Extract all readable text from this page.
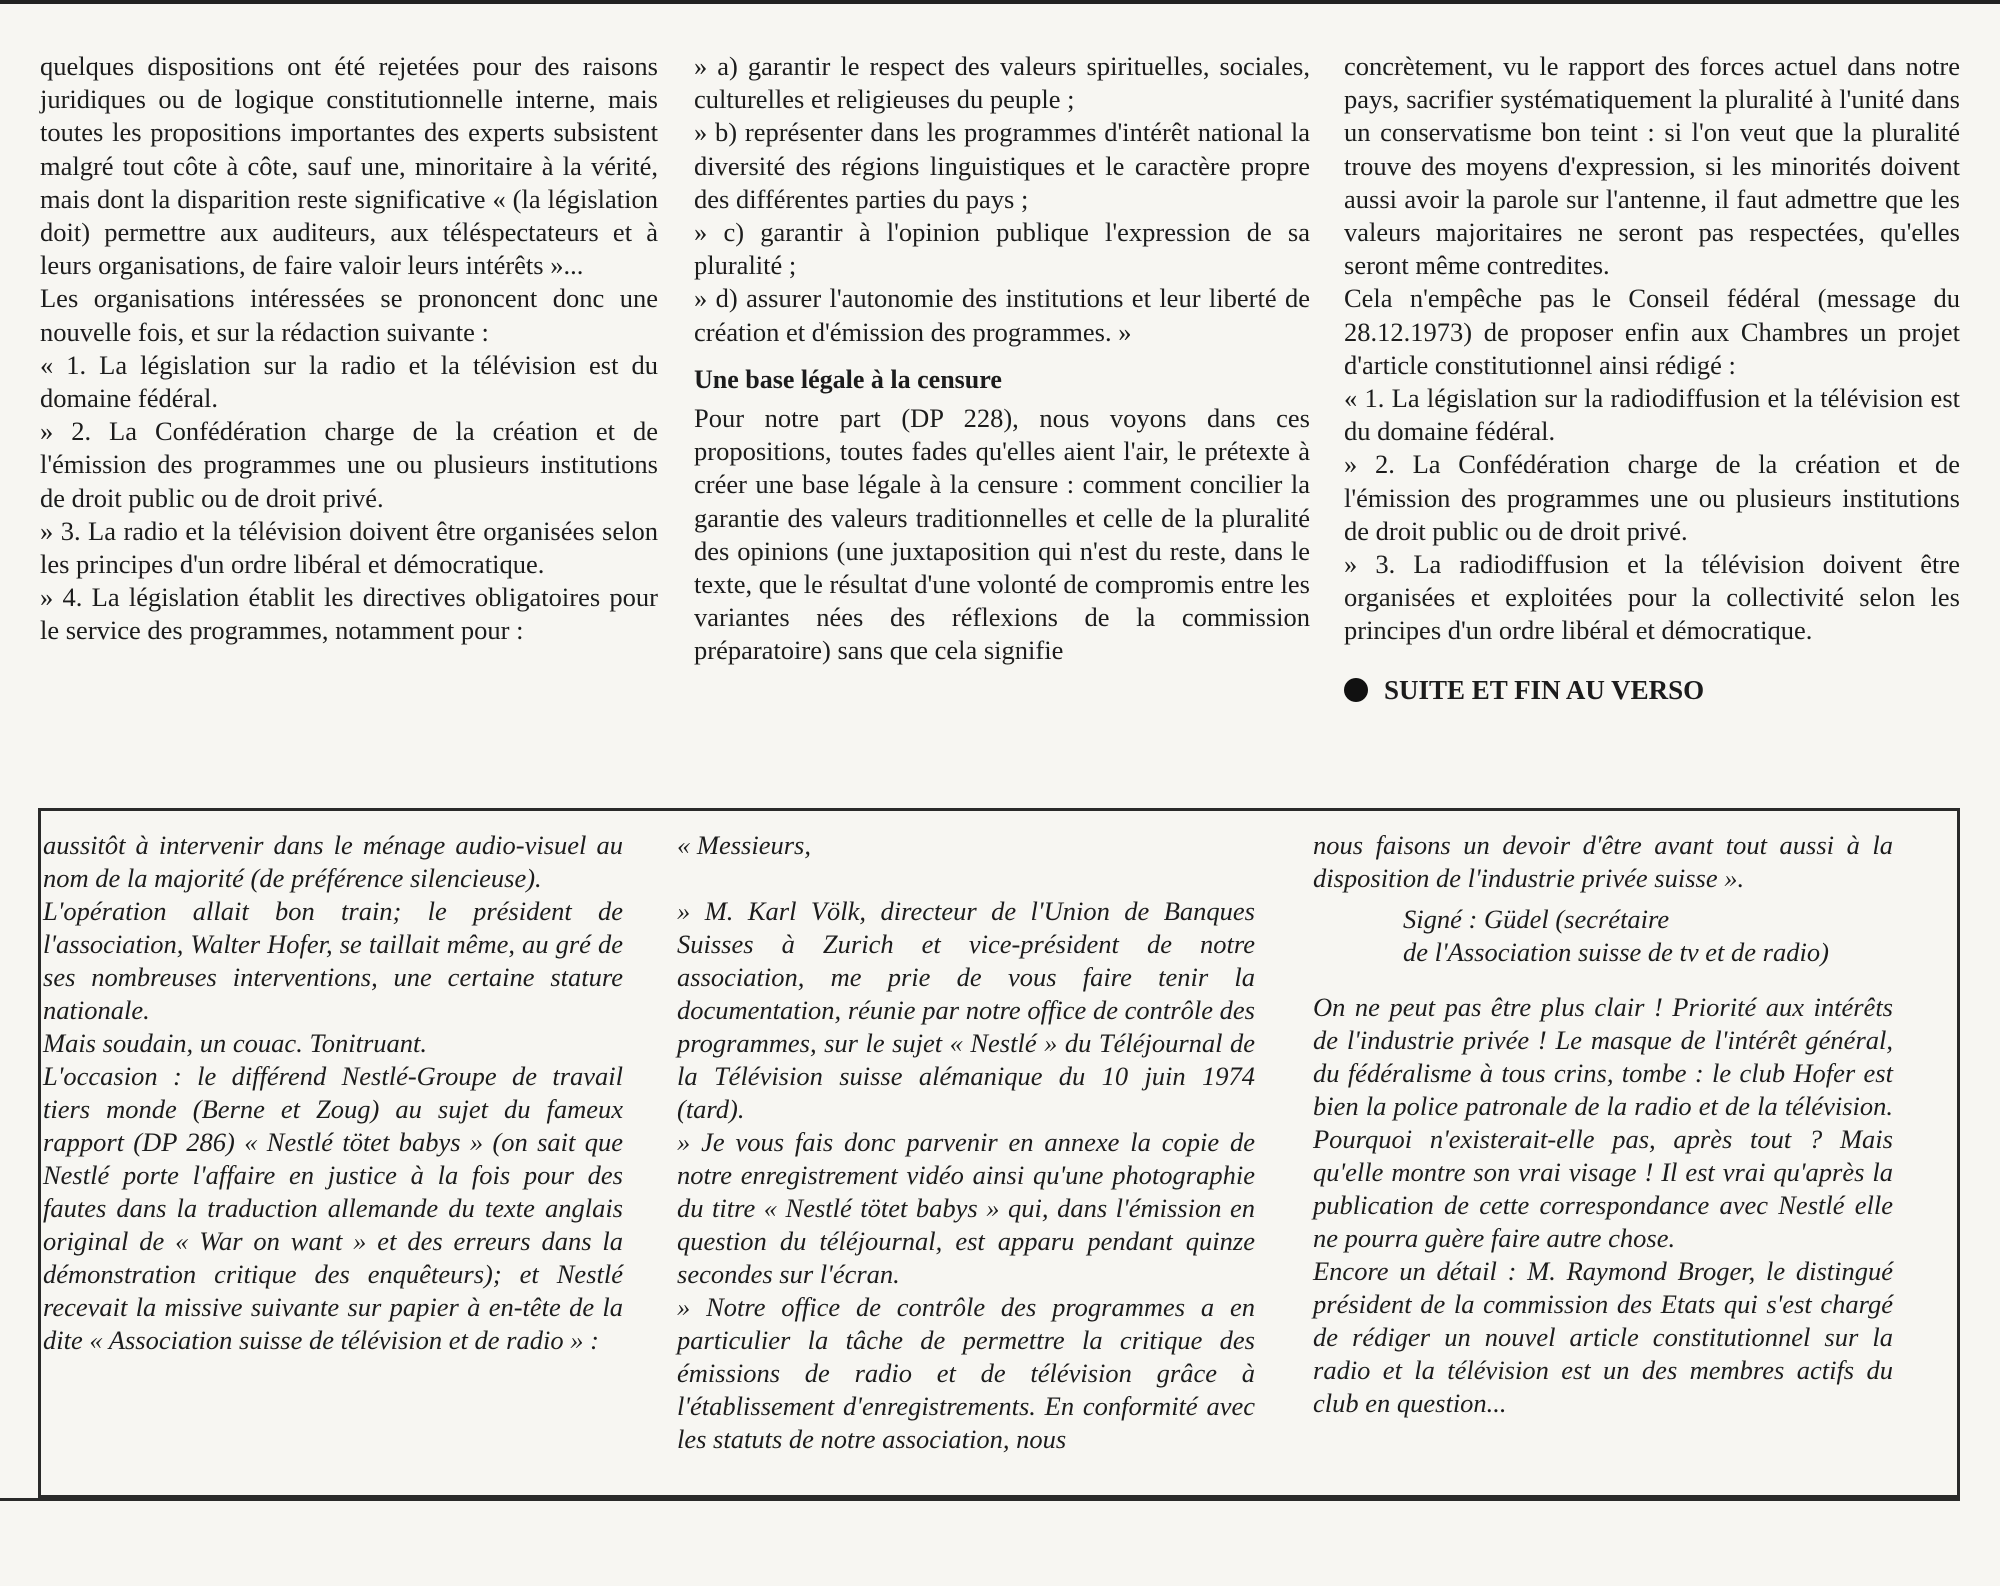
quelques dispositions ont été rejetées pour des raisons juridiques ou de logique constitutionnelle interne, mais toutes les propositions importantes des experts subsistent malgré tout côte à côte, sauf une, minoritaire à la vérité, mais dont la disparition reste significative « (la législation doit) permettre aux auditeurs, aux téléspectateurs et à leurs organisations, de faire valoir leurs intérêts »...

Les organisations intéressées se prononcent donc une nouvelle fois, et sur la rédaction suivante :

« 1. La législation sur la radio et la télévision est du domaine fédéral.

» 2. La Confédération charge de la création et de l'émission des programmes une ou plusieurs institutions de droit public ou de droit privé.

» 3. La radio et la télévision doivent être organisées selon les principes d'un ordre libéral et démocratique.

» 4. La législation établit les directives obligatoires pour le service des programmes, notamment pour :

» a) garantir le respect des valeurs spirituelles, sociales, culturelles et religieuses du peuple ;

» b) représenter dans les programmes d'intérêt national la diversité des régions linguistiques et le caractère propre des différentes parties du pays ;

» c) garantir à l'opinion publique l'expression de sa pluralité ;

» d) assurer l'autonomie des institutions et leur liberté de création et d'émission des programmes. »

Une base légale à la censure

Pour notre part (DP 228), nous voyons dans ces propositions, toutes fades qu'elles aient l'air, le prétexte à créer une base légale à la censure : comment concilier la garantie des valeurs traditionnelles et celle de la pluralité des opinions (une juxtaposition qui n'est du reste, dans le texte, que le résultat d'une volonté de compromis entre les variantes nées des réflexions de la commission préparatoire) sans que cela signifie

concrètement, vu le rapport des forces actuel dans notre pays, sacrifier systématiquement la pluralité à l'unité dans un conservatisme bon teint : si l'on veut que la pluralité trouve des moyens d'expression, si les minorités doivent aussi avoir la parole sur l'antenne, il faut admettre que les valeurs majoritaires ne seront pas respectées, qu'elles seront même contredites.

Cela n'empêche pas le Conseil fédéral (message du 28.12.1973) de proposer enfin aux Chambres un projet d'article constitutionnel ainsi rédigé :

« 1. La législation sur la radiodiffusion et la télévision est du domaine fédéral.

» 2. La Confédération charge de la création et de l'émission des programmes une ou plusieurs institutions de droit public ou de droit privé.

» 3. La radiodiffusion et la télévision doivent être organisées et exploitées pour la collectivité selon les principes d'un ordre libéral et démocratique.

SUITE ET FIN AU VERSO

aussitôt à intervenir dans le ménage audio-visuel au nom de la majorité (de préférence silencieuse).

L'opération allait bon train; le président de l'association, Walter Hofer, se taillait même, au gré de ses nombreuses interventions, une certaine stature nationale.

Mais soudain, un couac. Tonitruant.

L'occasion : le différend Nestlé-Groupe de travail tiers monde (Berne et Zoug) au sujet du fameux rapport (DP 286) « Nestlé tötet babys » (on sait que Nestlé porte l'affaire en justice à la fois pour des fautes dans la traduction allemande du texte anglais original de « War on want » et des erreurs dans la démonstration critique des enquêteurs); et Nestlé recevait la missive suivante sur papier à en-tête de la dite « Association suisse de télévision et de radio » :

« Messieurs,

» M. Karl Völk, directeur de l'Union de Banques Suisses à Zurich et vice-président de notre association, me prie de vous faire tenir la documentation, réunie par notre office de contrôle des programmes, sur le sujet « Nestlé » du Téléjournal de la Télévision suisse alémanique du 10 juin 1974 (tard).

» Je vous fais donc parvenir en annexe la copie de notre enregistrement vidéo ainsi qu'une photographie du titre « Nestlé tötet babys » qui, dans l'émission en question du téléjournal, est apparu pendant quinze secondes sur l'écran.

» Notre office de contrôle des programmes a en particulier la tâche de permettre la critique des émissions de radio et de télévision grâce à l'établissement d'enregistrements. En conformité avec les statuts de notre association, nous

nous faisons un devoir d'être avant tout aussi à la disposition de l'industrie privée suisse ».

Signé : Güdel (secrétaire

de l'Association suisse de tv et de radio)

On ne peut pas être plus clair ! Priorité aux intérêts de l'industrie privée ! Le masque de l'intérêt général, du fédéralisme à tous crins, tombe : le club Hofer est bien la police patronale de la radio et de la télévision. Pourquoi n'existerait-elle pas, après tout ? Mais qu'elle montre son vrai visage ! Il est vrai qu'après la publication de cette correspondance avec Nestlé elle ne pourra guère faire autre chose.

Encore un détail : M. Raymond Broger, le distingué président de la commission des Etats qui s'est chargé de rédiger un nouvel article constitutionnel sur la radio et la télévision est un des membres actifs du club en question...
